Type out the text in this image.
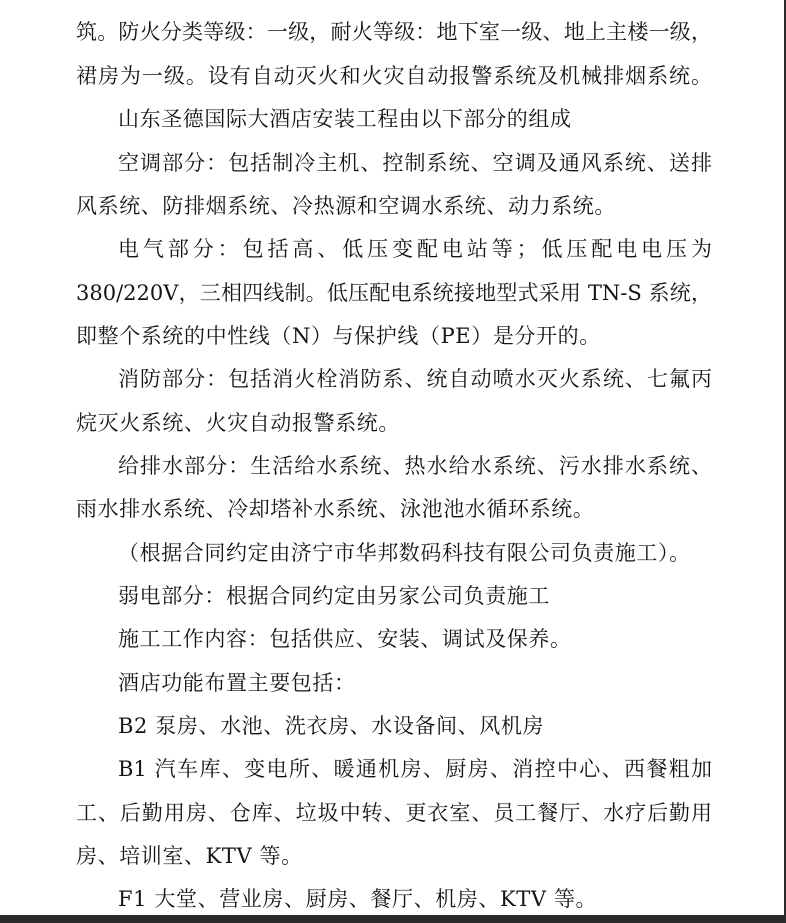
筑。防火分类等级：一级，耐火等级：地下室一级、地上主楼一级，
裙房为一级。设有自动灭火和火灾自动报警系统及机械排烟系统。
山东圣德国际大酒店安装工程由以下部分的组成
空调部分：包括制冷主机、控制系统、空调及通风系统、送排
风系统、防排烟系统、冷热源和空调水系统、动力系统。
电气部分：包括高、低压变配电站等；低压配电电压为
380/220V，三相四线制。低压配电系统接地型式采用 TN-S 系统，
即整个系统的中性线（N）与保护线（PE）是分开的。
消防部分：包括消火栓消防系、统自动喷水灭火系统、七氟丙
烷灭火系统、火灾自动报警系统。
给排水部分：生活给水系统、热水给水系统、污水排水系统、
雨水排水系统、冷却塔补水系统、泳池池水循环系统。
（根据合同约定由济宁市华邦数码科技有限公司负责施工）。
弱电部分：根据合同约定由另家公司负责施工
施工工作内容：包括供应、安装、调试及保养。
酒店功能布置主要包括：
B2 泵房、水池、洗衣房、水设备间、风机房
B1 汽车库、变电所、暖通机房、厨房、消控中心、西餐粗加
工、后勤用房、仓库、垃圾中转、更衣室、员工餐厅、水疗后勤用
房、培训室、KTV 等。
F1 大堂、营业房、厨房、餐厅、机房、KTV 等。
